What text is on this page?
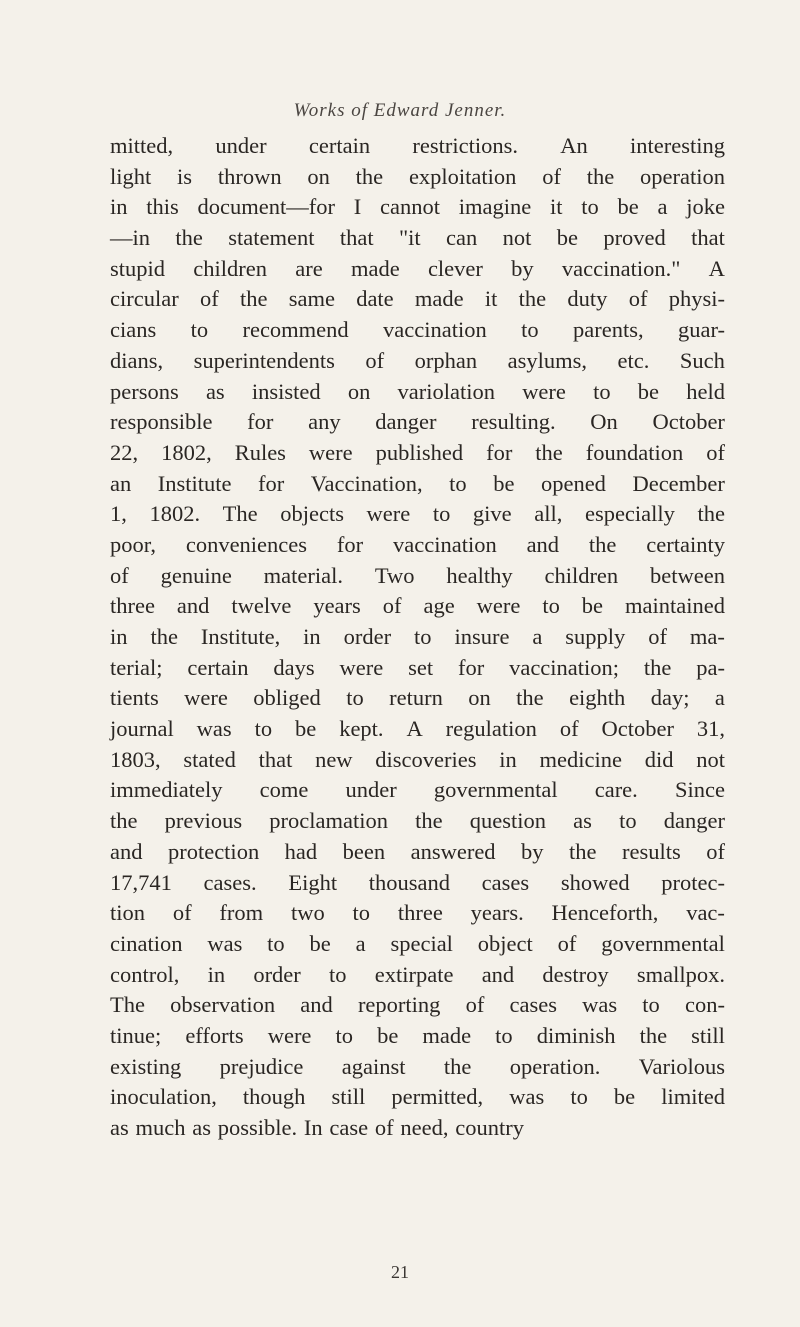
Works of Edward Jenner.
mitted, under certain restrictions. An interesting
light is thrown on the exploitation of the operation
in this document—for I cannot imagine it to be a joke
—in the statement that "it can not be proved that
stupid children are made clever by vaccination." A
circular of the same date made it the duty of physi-
cians to recommend vaccination to parents, guar-
dians, superintendents of orphan asylums, etc. Such
persons as insisted on variolation were to be held
responsible for any danger resulting. On October
22, 1802, Rules were published for the foundation of
an Institute for Vaccination, to be opened December
1, 1802. The objects were to give all, especially the
poor, conveniences for vaccination and the certainty
of genuine material. Two healthy children between
three and twelve years of age were to be maintained
in the Institute, in order to insure a supply of ma-
terial; certain days were set for vaccination; the pa-
tients were obliged to return on the eighth day; a
journal was to be kept. A regulation of October 31,
1803, stated that new discoveries in medicine did not
immediately come under governmental care. Since
the previous proclamation the question as to danger
and protection had been answered by the results of
17,741 cases. Eight thousand cases showed protec-
tion of from two to three years. Henceforth, vac-
cination was to be a special object of governmental
control, in order to extirpate and destroy smallpox.
The observation and reporting of cases was to con-
tinue; efforts were to be made to diminish the still
existing prejudice against the operation. Variolous
inoculation, though still permitted, was to be limited
as much as possible. In case of need, country
21
